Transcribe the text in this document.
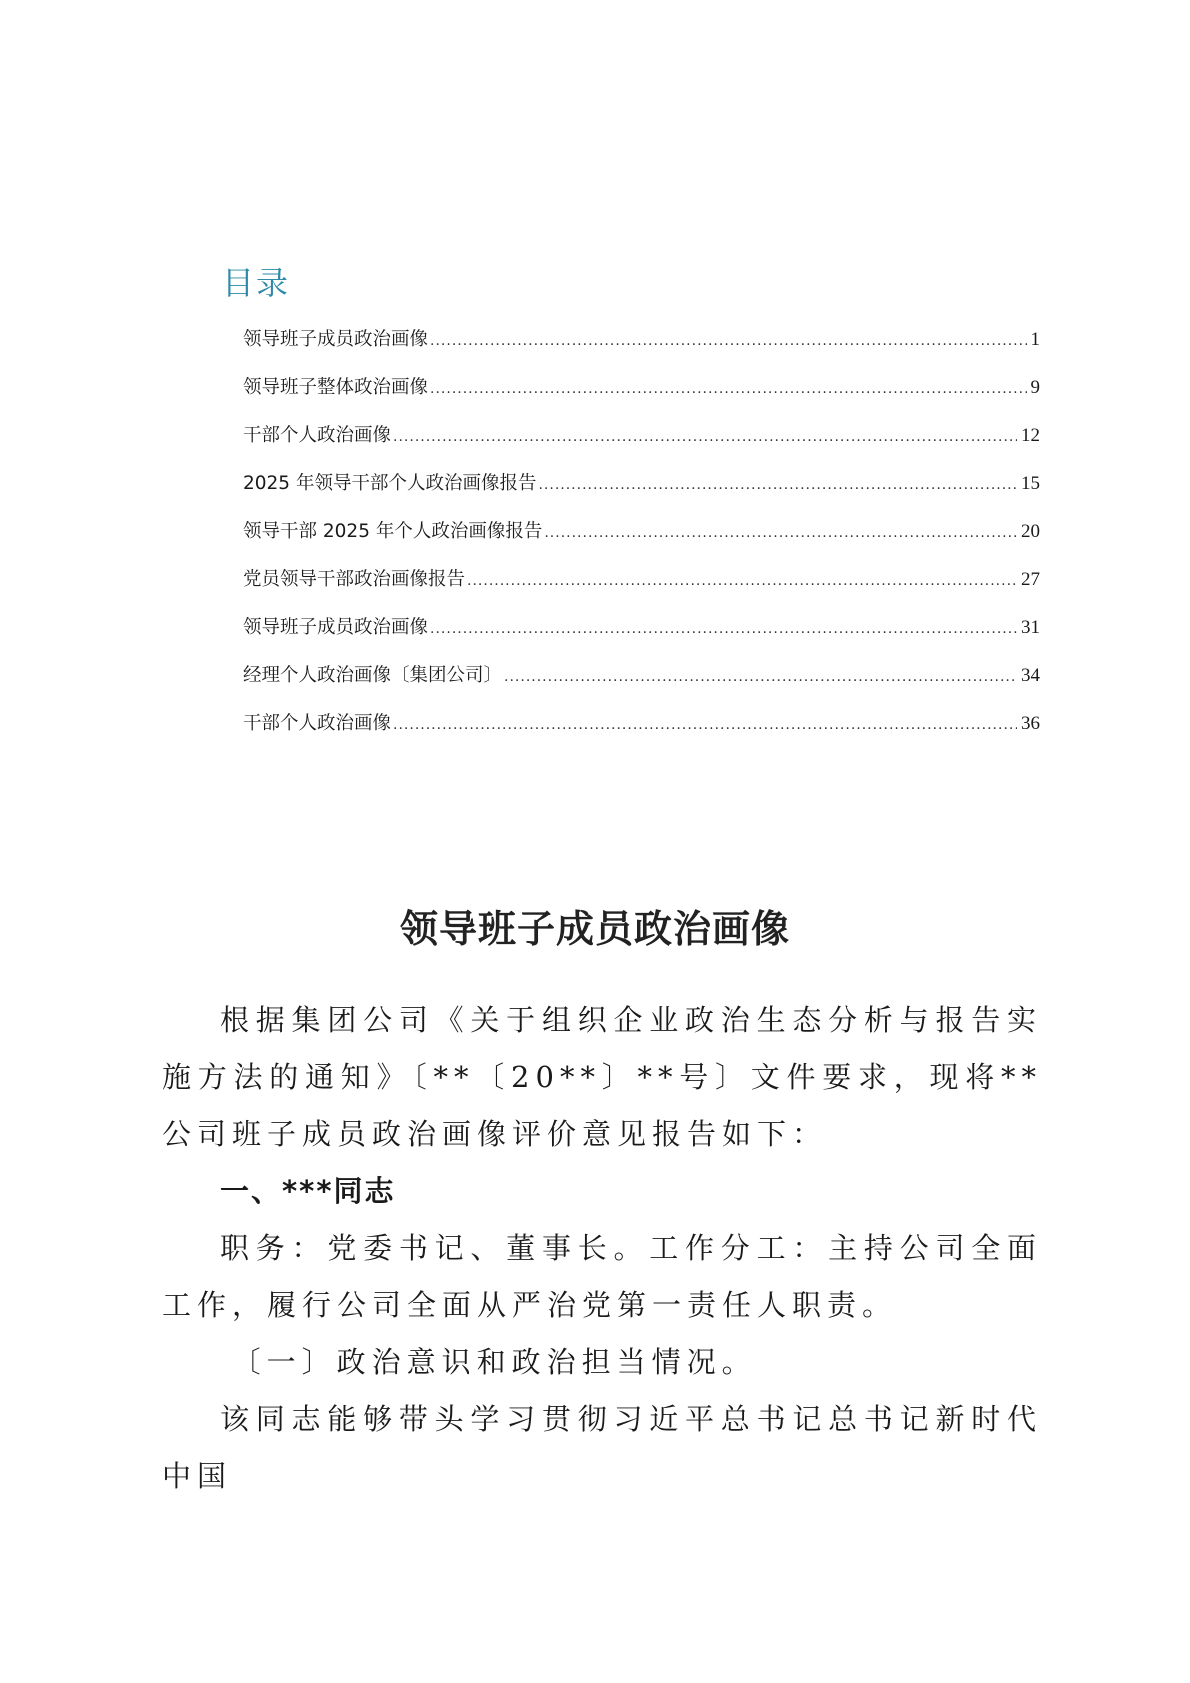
目录
领导班子成员政治画像 .....	1
领导班子整体政治画像 .....	9
干部个人政治画像 .....	12
2025 年领导干部个人政治画像报告 .....	15
领导干部 2025 年个人政治画像报告 .....	20
党员领导干部政治画像报告 .....	27
领导班子成员政治画像 .....	31
经理个人政治画像〔集团公司〕 .....	34
干部个人政治画像 .....	36
领导班子成员政治画像

根据集团公司《关于组织企业政治生态分析与报告实施方法的通知》〔**〔20**〕**号〕文件要求，现将**公司班子成员政治画像评价意见报告如下：

一、***同志

职务：党委书记、董事长。工作分工：主持公司全面工作，履行公司全面从严治党第一责任人职责。

〔一〕政治意识和政治担当情况。

该同志能够带头学习贯彻习近平总书记总书记新时代中国
